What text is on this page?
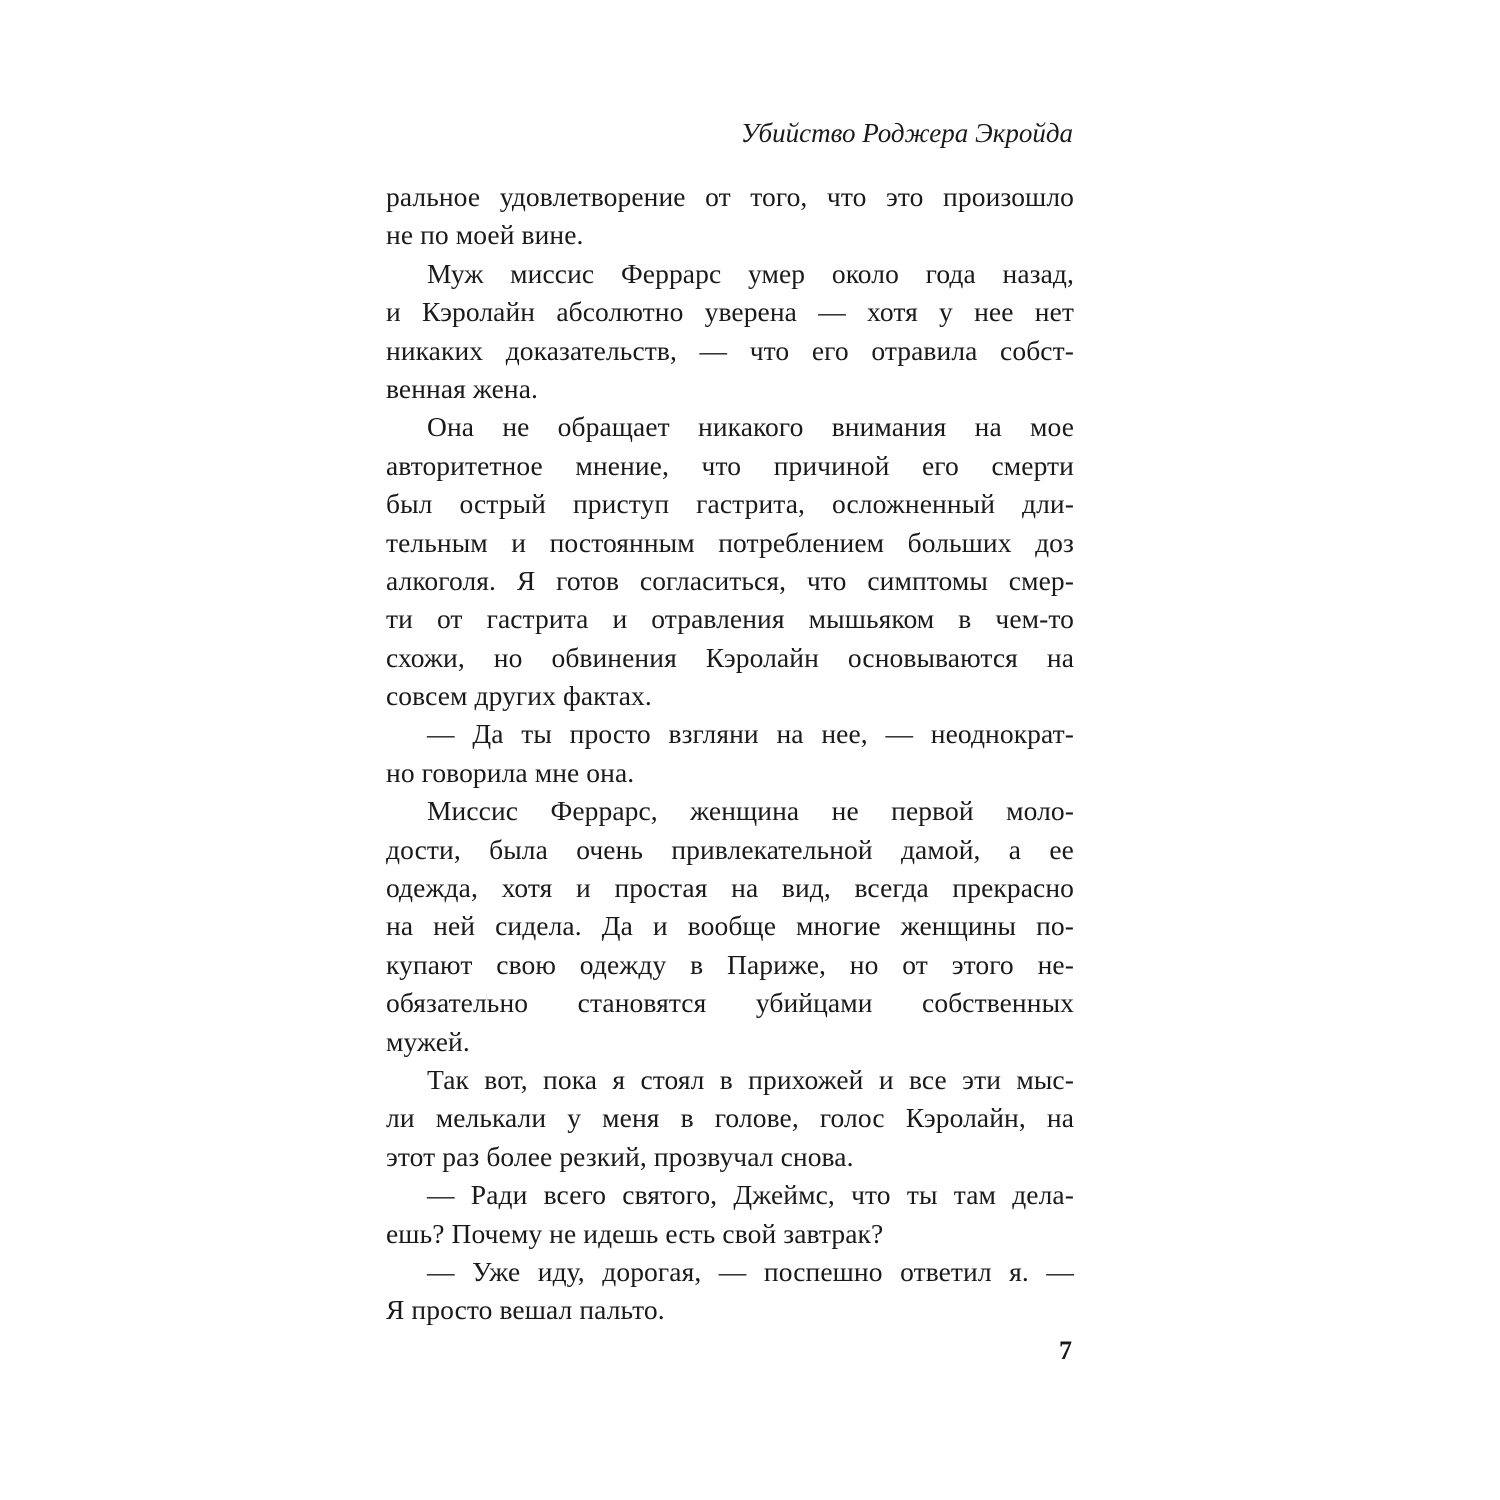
Убийство Роджера Экройда
ральное удовлетворение от того, что это произошло
не по моей вине.
Муж миссис Феррарс умер около года назад,
и Кэролайн абсолютно уверена — хотя у нее нет
никаких доказательств, — что его отравила собст-
венная жена.
Она не обращает никакого внимания на мое
авторитетное мнение, что причиной его смерти
был острый приступ гастрита, осложненный дли-
тельным и постоянным потреблением больших доз
алкоголя. Я готов согласиться, что симптомы смер-
ти от гастрита и отравления мышьяком в чем-то
схожи, но обвинения Кэролайн основываются на
совсем других фактах.
— Да ты просто взгляни на нее, — неоднократ-
но говорила мне она.
Миссис Феррарс, женщина не первой моло-
дости, была очень привлекательной дамой, а ее
одежда, хотя и простая на вид, всегда прекрасно
на ней сидела. Да и вообще многие женщины по-
купают свою одежду в Париже, но от этого не-
обязательно становятся убийцами собственных
мужей.
Так вот, пока я стоял в прихожей и все эти мыс-
ли мелькали у меня в голове, голос Кэролайн, на
этот раз более резкий, прозвучал снова.
— Ради всего святого, Джеймс, что ты там дела-
ешь? Почему не идешь есть свой завтрак?
— Уже иду, дорогая, — поспешно ответил я. —
Я просто вешал пальто.
7
